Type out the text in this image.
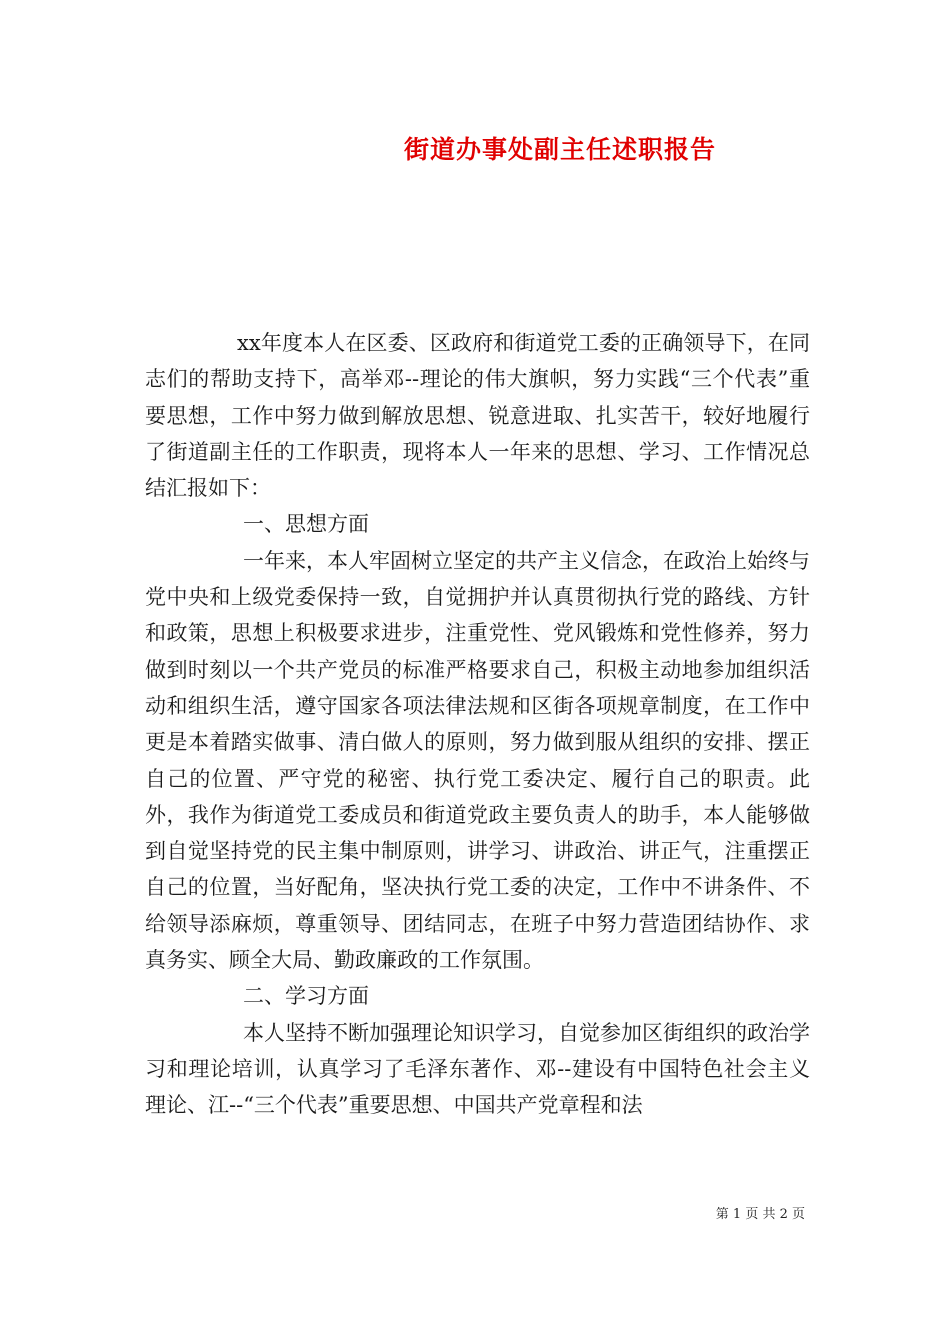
街道办事处副主任述职报告

xx年度本人在区委、区政府和街道党工委的正确领导下，在同志们的帮助支持下，高举邓--理论的伟大旗帜，努力实践“三个代表”重要思想，工作中努力做到解放思想、锐意进取、扎实苦干，较好地履行了街道副主任的工作职责，现将本人一年来的思想、学习、工作情况总结汇报如下：

一、思想方面

一年来，本人牢固树立坚定的共产主义信念，在政治上始终与党中央和上级党委保持一致，自觉拥护并认真贯彻执行党的路线、方针和政策，思想上积极要求进步，注重党性、党风锻炼和党性修养，努力做到时刻以一个共产党员的标准严格要求自己，积极主动地参加组织活动和组织生活，遵守国家各项法律法规和区街各项规章制度，在工作中更是本着踏实做事、清白做人的原则，努力做到服从组织的安排、摆正自己的位置、严守党的秘密、执行党工委决定、履行自己的职责。此外，我作为街道党工委成员和街道党政主要负责人的助手，本人能够做到自觉坚持党的民主集中制原则，讲学习、讲政治、讲正气，注重摆正自己的位置，当好配角，坚决执行党工委的决定，工作中不讲条件、不给领导添麻烦，尊重领导、团结同志，在班子中努力营造团结协作、求真务实、顾全大局、勤政廉政的工作氛围。

二、学习方面

本人坚持不断加强理论知识学习，自觉参加区街组织的政治学习和理论培训，认真学习了毛泽东著作、邓--建设有中国特色社会主义理论、江--“三个代表”重要思想、中国共产党章程和法

第 1 页 共 2 页
